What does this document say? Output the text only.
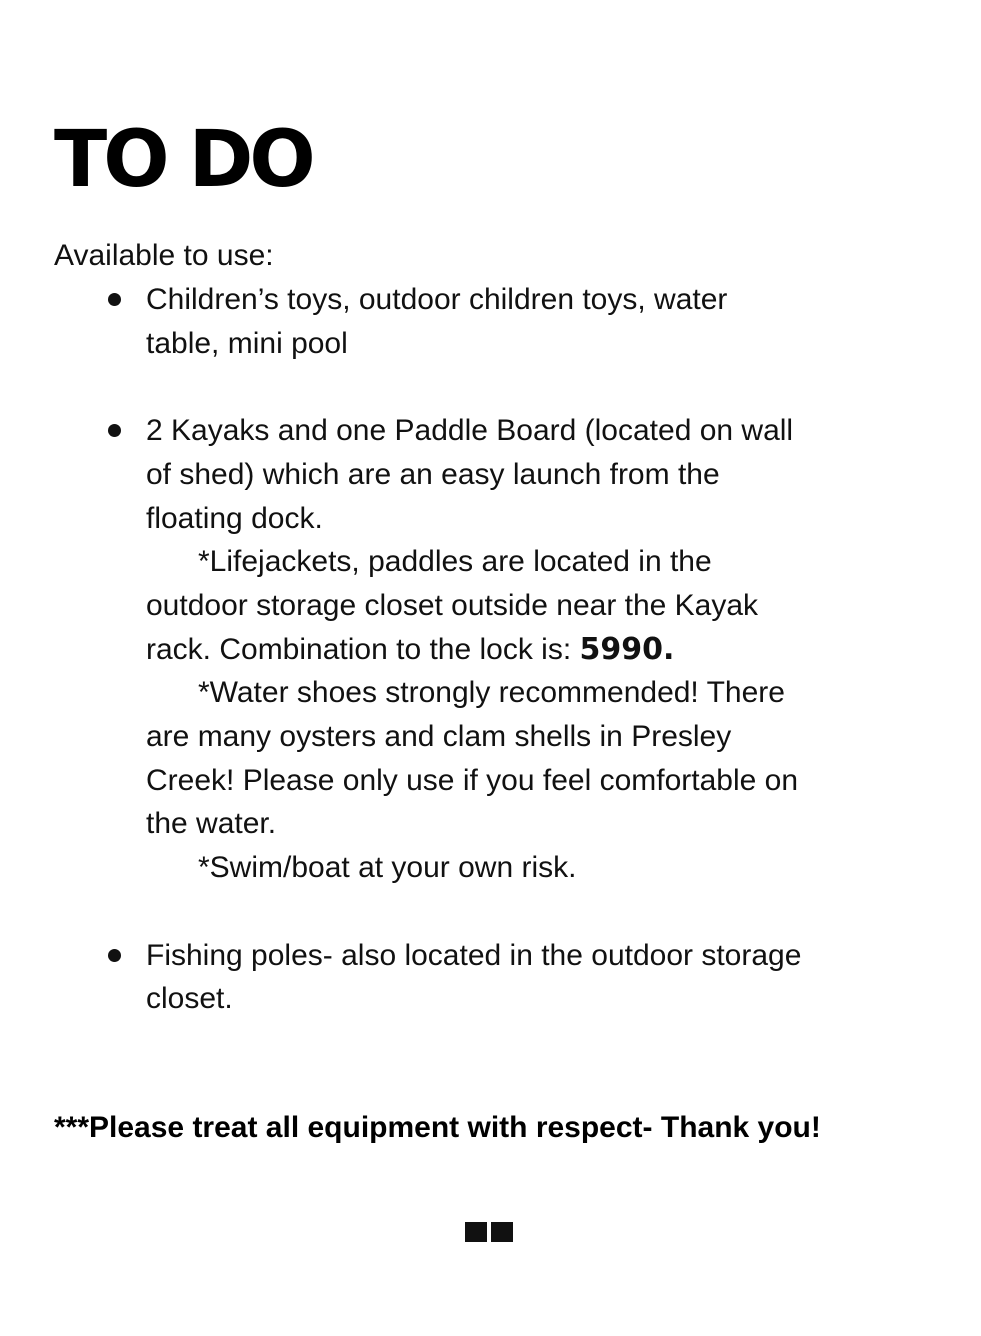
TO DO

Available to use:

Children’s toys, outdoor children toys, water
table, mini pool
2 Kayaks and one Paddle Board (located on wall
of shed) which are an easy launch from the
floating dock.
*Lifejackets, paddles are located in the
outdoor storage closet outside near the Kayak
rack. Combination to the lock is: 5990.
*Water shoes strongly recommended! There
are many oysters and clam shells in Presley
Creek! Please only use if you feel comfortable on
the water.
*Swim/boat at your own risk.
Fishing poles- also located in the outdoor storage
closet.

***Please treat all equipment with respect- Thank you!
